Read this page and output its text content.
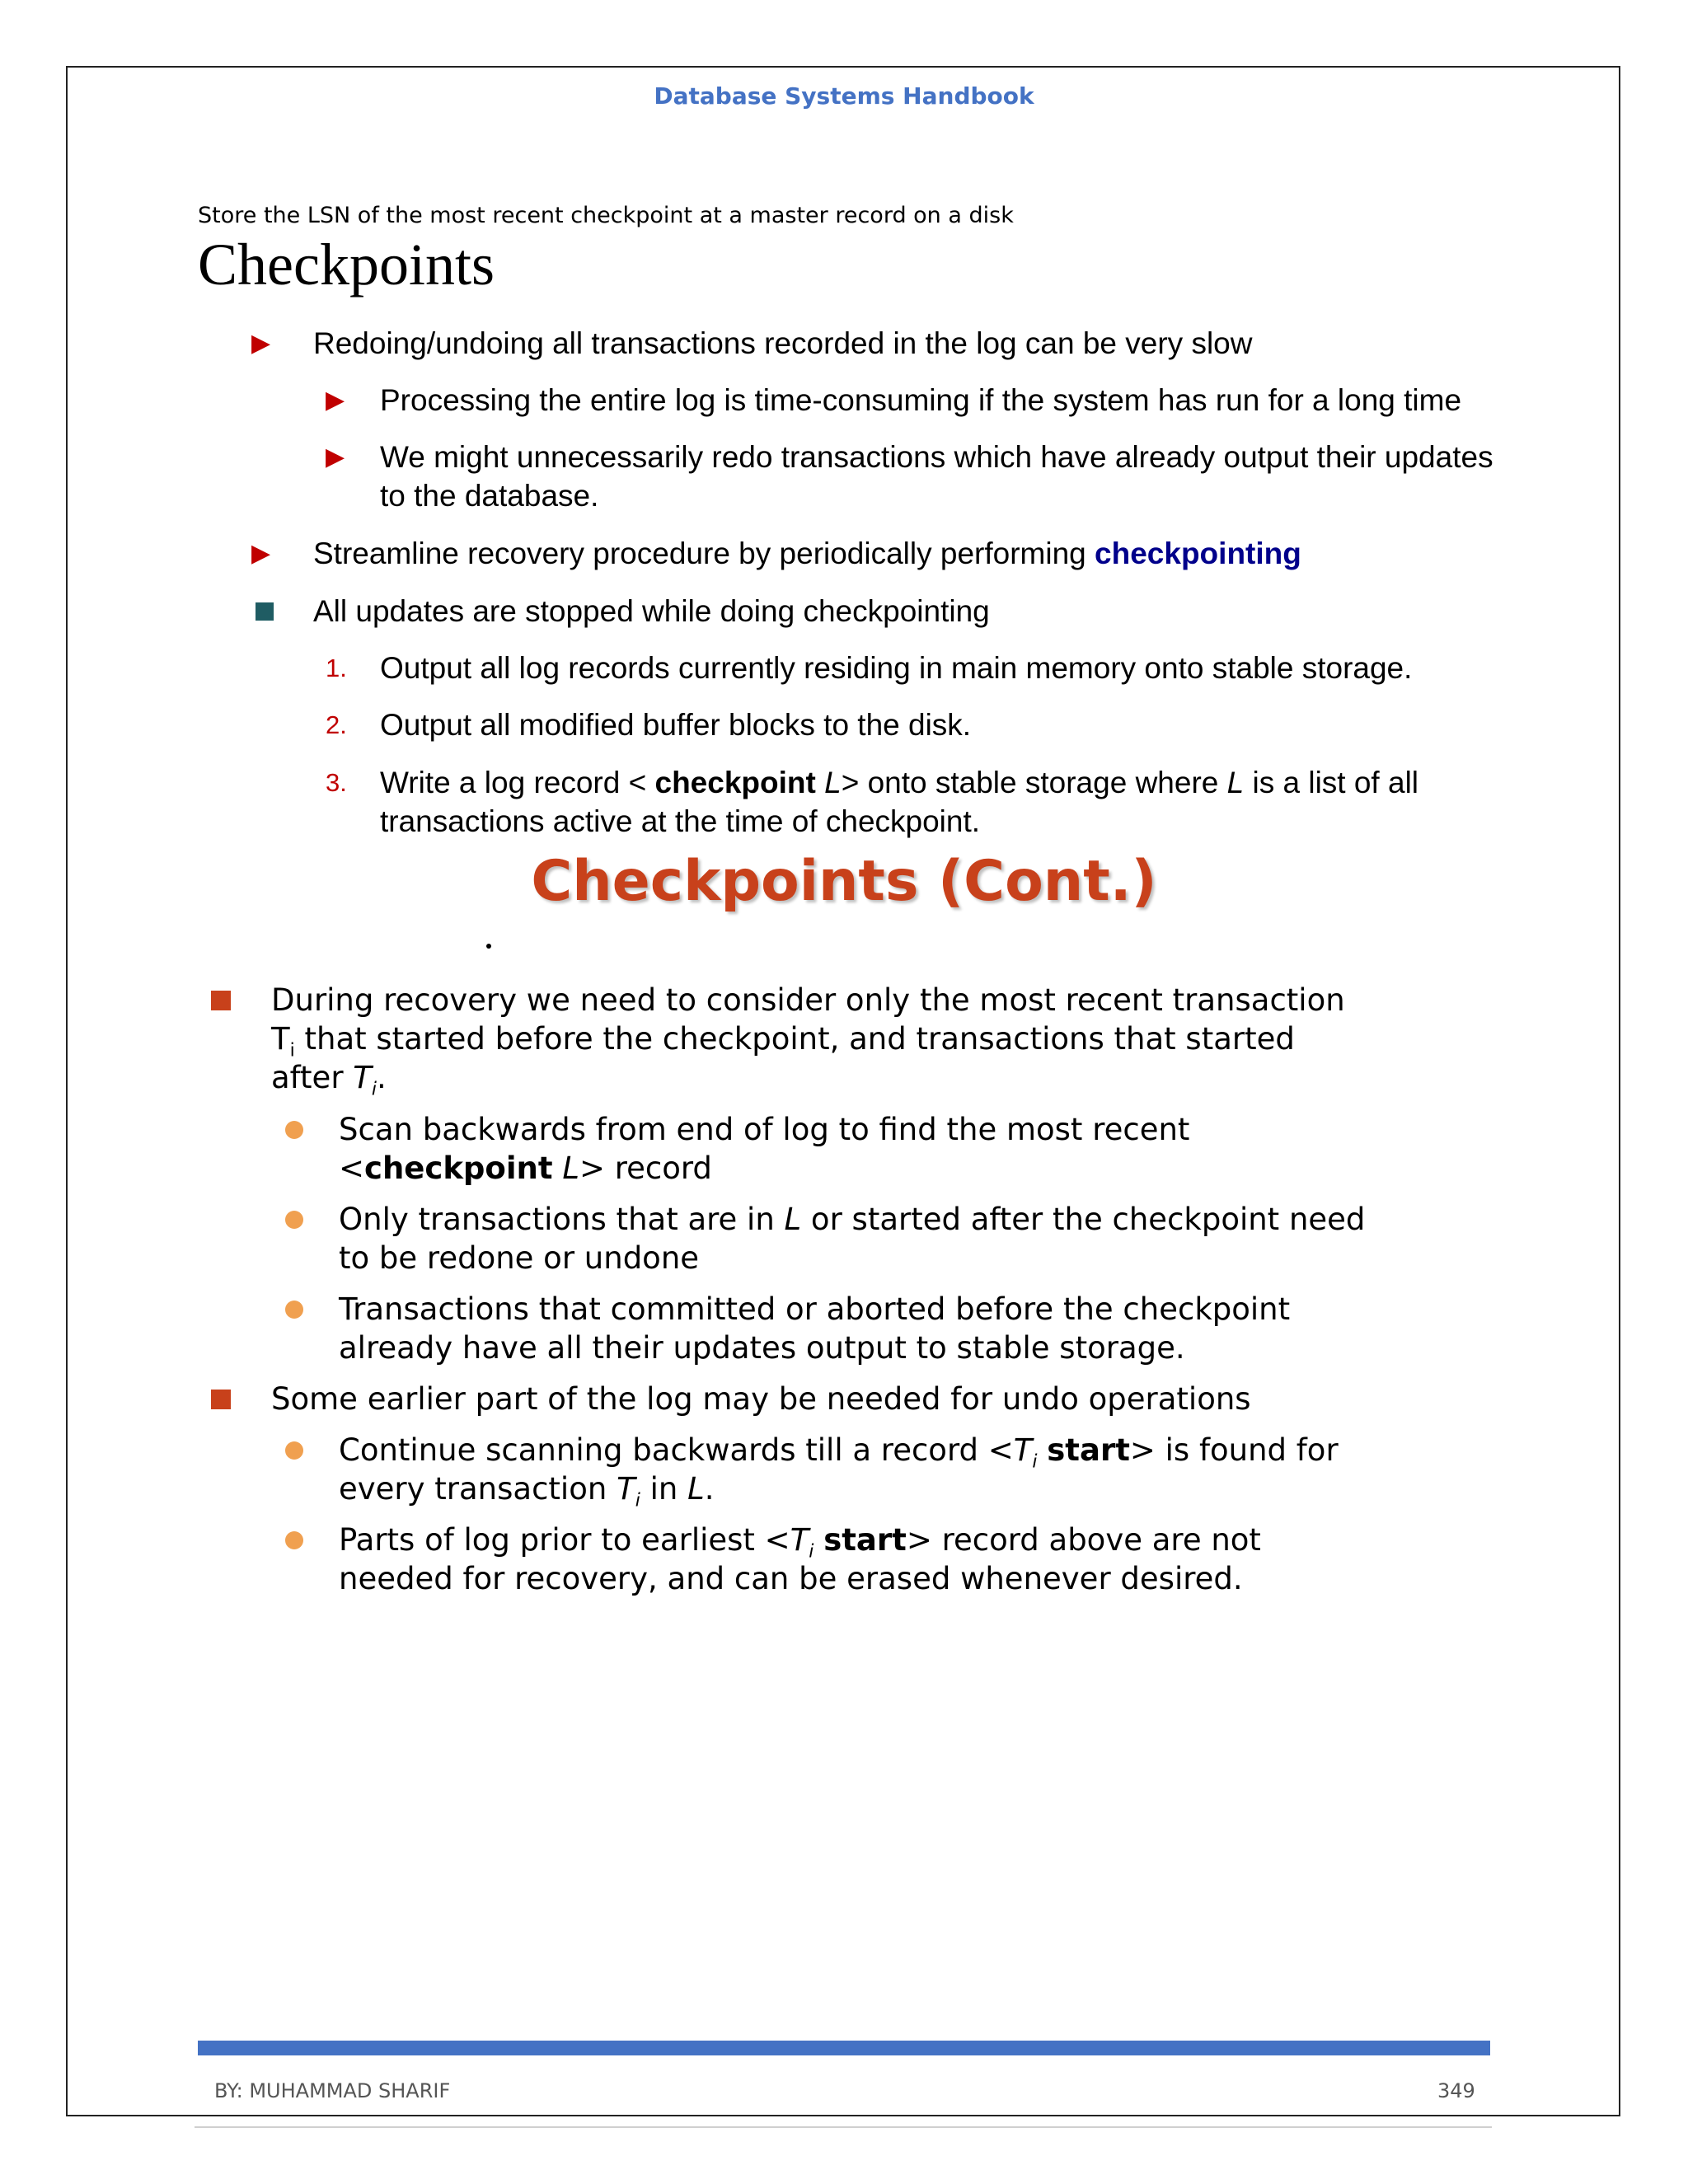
Database Systems Handbook
Store the LSN of the most recent checkpoint at a master record on a disk
Checkpoints
▶ Redoing/undoing all transactions recorded in the log can be very slow
▶ Processing the entire log is time-consuming if the system has run for a long time
▶ We might unnecessarily redo transactions which have already output their updates
to the database.
▶ Streamline recovery procedure by periodically performing checkpointing
All updates are stopped while doing checkpointing
1. Output all log records currently residing in main memory onto stable storage.
2. Output all modified buffer blocks to the disk.
3. Write a log record < checkpoint L> onto stable storage where L is a list of all
transactions active at the time of checkpoint.
Checkpoints (Cont.)
During recovery we need to consider only the most recent transaction
$T_i$ that started before the checkpoint, and transactions that started
after $T_i$.
Scan backwards from end of log to find the most recent
<checkpoint L> record
Only transactions that are in L or started after the checkpoint need
to be redone or undone
Transactions that committed or aborted before the checkpoint
already have all their updates output to stable storage.
Some earlier part of the log may be needed for undo operations
Continue scanning backwards till a record $<T_i$ start> is found for
every transaction $T_i$ in L.
Parts of log prior to earliest $<T_i$ start> record above are not
needed for recovery, and can be erased whenever desired.
BY: MUHAMMAD SHARIF	349
